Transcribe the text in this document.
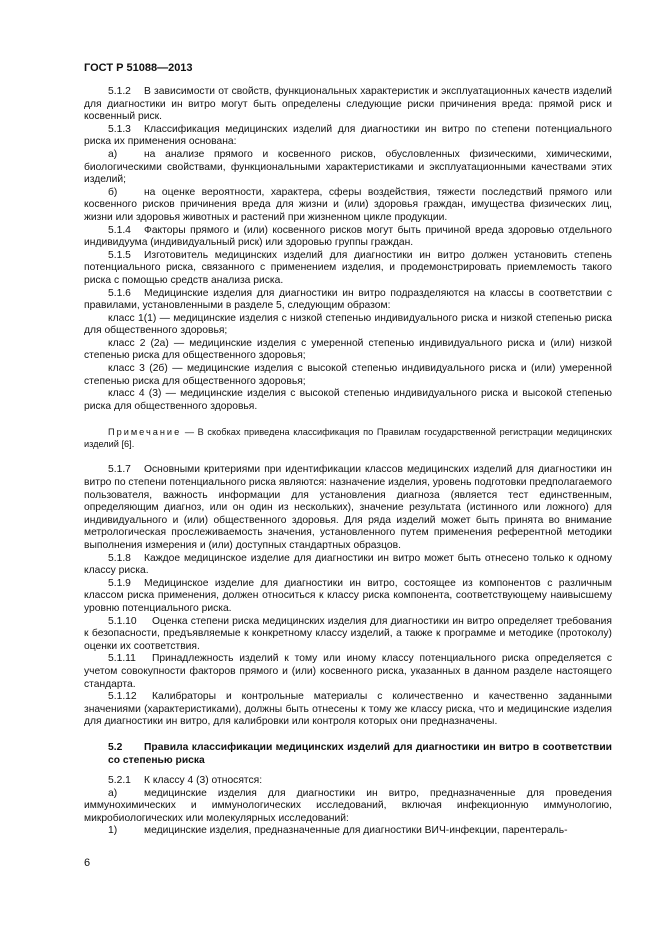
ГОСТ Р 51088—2013

5.1.2 В зависимости от свойств, функциональных характеристик и эксплуатационных качеств изделий для диагностики ин витро могут быть определены следующие риски причинения вреда: прямой риск и косвенный риск.

5.1.3 Классификация медицинских изделий для диагностики ин витро по степени потенциального риска их применения основана:

а)	на анализе прямого и косвенного рисков, обусловленных физическими, химическими, биологическими свойствами, функциональными характеристиками и эксплуатационными качествами этих изделий;

б)	на оценке вероятности, характера, сферы воздействия, тяжести последствий прямого или косвенного рисков причинения вреда для жизни и (или) здоровья граждан, имущества физических лиц, жизни или здоровья животных и растений при жизненном цикле продукции.

5.1.4 Факторы прямого и (или) косвенного рисков могут быть причиной вреда здоровью отдельного индивидуума (индивидуальный риск) или здоровью группы граждан.

5.1.5 Изготовитель медицинских изделий для диагностики ин витро должен установить степень потенциального риска, связанного с применением изделия, и продемонстрировать приемлемость такого риска с помощью средств анализа риска.

5.1.6 Медицинские изделия для диагностики ин витро подразделяются на классы в соответствии с правилами, установленными в разделе 5, следующим образом:

класс 1(1) — медицинские изделия с низкой степенью индивидуального риска и низкой степенью риска для общественного здоровья;

класс 2 (2а) — медицинские изделия с умеренной степенью индивидуального риска и (или) низкой степенью риска для общественного здоровья;

класс 3 (2б) — медицинские изделия с высокой степенью индивидуального риска и (или) умеренной степенью риска для общественного здоровья;

класс 4 (3) — медицинские изделия с высокой степенью индивидуального риска и высокой степенью риска для общественного здоровья.

Примечание — В скобках приведена классификация по Правилам государственной регистрации медицинских изделий [6].

5.1.7 Основными критериями при идентификации классов медицинских изделий для диагностики ин витро по степени потенциального риска являются: назначение изделия, уровень подготовки предполагаемого пользователя, важность информации для установления диагноза (является тест единственным, определяющим диагноз, или он один из нескольких), значение результата (истинного или ложного) для индивидуального и (или) общественного здоровья. Для ряда изделий может быть принята во внимание метрологическая прослеживаемость значения, установленного путем применения референтной методики выполнения измерения и (или) доступных стандартных образцов.

5.1.8 Каждое медицинское изделие для диагностики ин витро может быть отнесено только к одному классу риска.

5.1.9 Медицинское изделие для диагностики ин витро, состоящее из компонентов с различным классом риска применения, должен относиться к классу риска компонента, соответствующему наивысшему уровню потенциального риска.

5.1.10 Оценка степени риска медицинских изделия для диагностики ин витро определяет требования к безопасности, предъявляемые к конкретному классу изделий, а также к программе и методике (протоколу) оценки их соответствия.

5.1.11 Принадлежность изделий к тому или иному классу потенциального риска определяется с учетом совокупности факторов прямого и (или) косвенного риска, указанных в данном разделе настоящего стандарта.

5.1.12 Калибраторы и контрольные материалы с количественно и качественно заданными значениями (характеристиками), должны быть отнесены к тому же классу риска, что и медицинские изделия для диагностики ин витро, для калибровки или контроля которых они предназначены.

5.2 Правила классификации медицинских изделий для диагностики ин витро в соответствии со степенью риска

5.2.1 К классу 4 (3) относятся:

а)	медицинские изделия для диагностики ин витро, предназначенные для проведения иммунохимических и иммунологических исследований, включая инфекционную иммунологию, микробиологических или молекулярных исследований:

1)	медицинские изделия, предназначенные для диагностики ВИЧ-инфекции, парентераль-

6
